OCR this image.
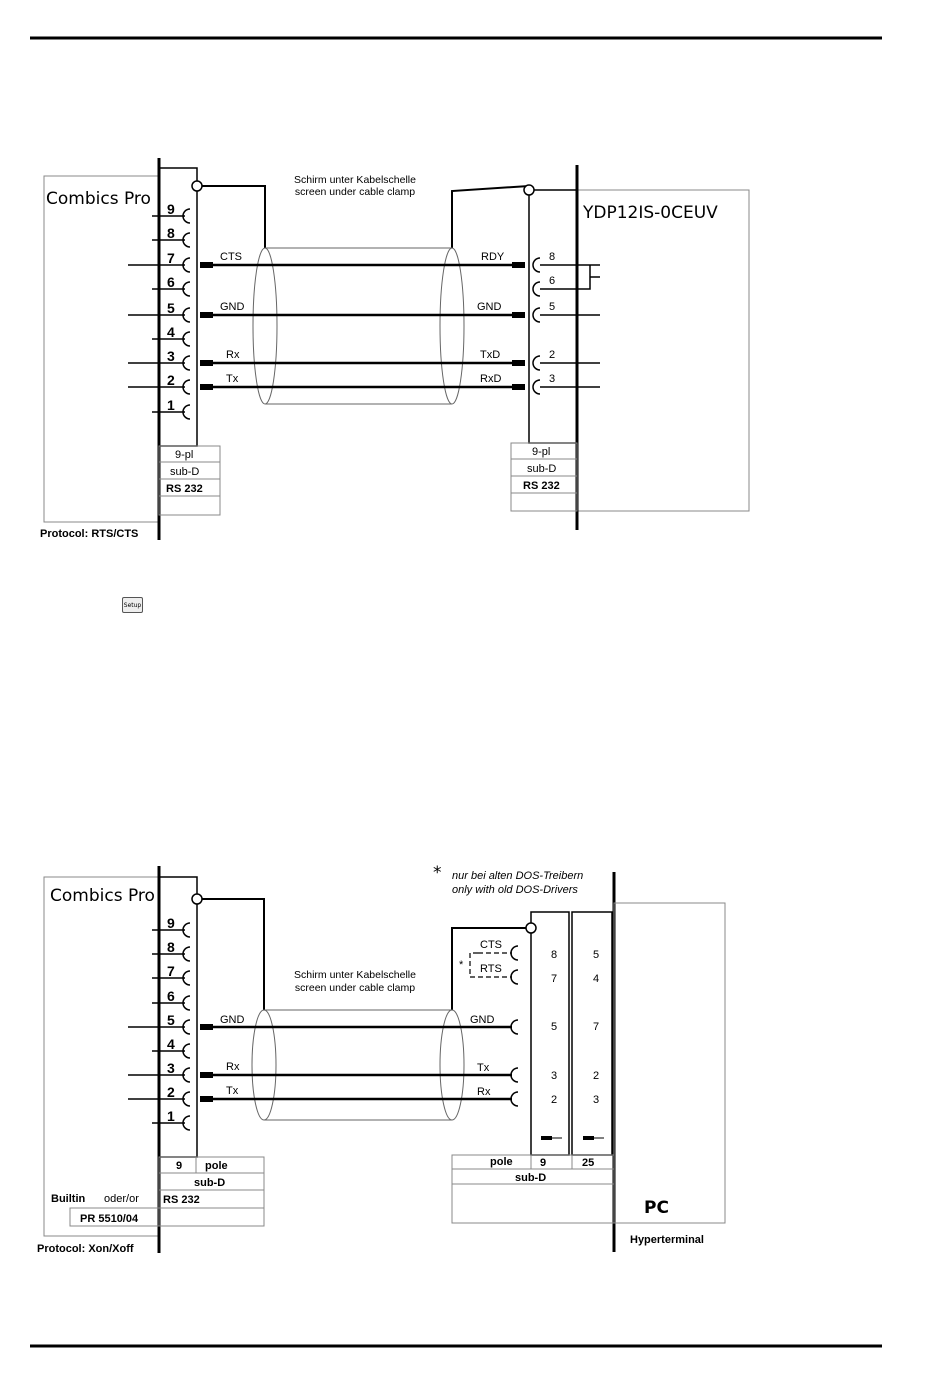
Combics Pro 9
8
7
6
5
4
3
2
1
9-pl
sub-D
RS 232
Protocol: RTS/CTS
Schirm unter Kabelschelle
screen under cable clamp
CTS
GND
Rx
Tx
RDY
GND
TxD
RxD
YDP12IS-0CEUV
8
6
5
2
3
9-pl
sub-D
RS 232
Combics Pro
9
8
7
6
5
4
3
2
1
9 pole
sub-D
Builtin oder/or RS 232
PR 5510/04
Protocol: Xon/Xoff
* nur bei alten DOS-Treibern
only with old DOS-Drivers
Schirm unter Kabelschelle
screen under cable clamp
GND
Rx
Tx
CTS
RTS
*
GND
Tx
Rx
8
7
5
3
2
5
4
7
2
3
PC
Hyperterminal
pole 9	25
sub-D
Setup
